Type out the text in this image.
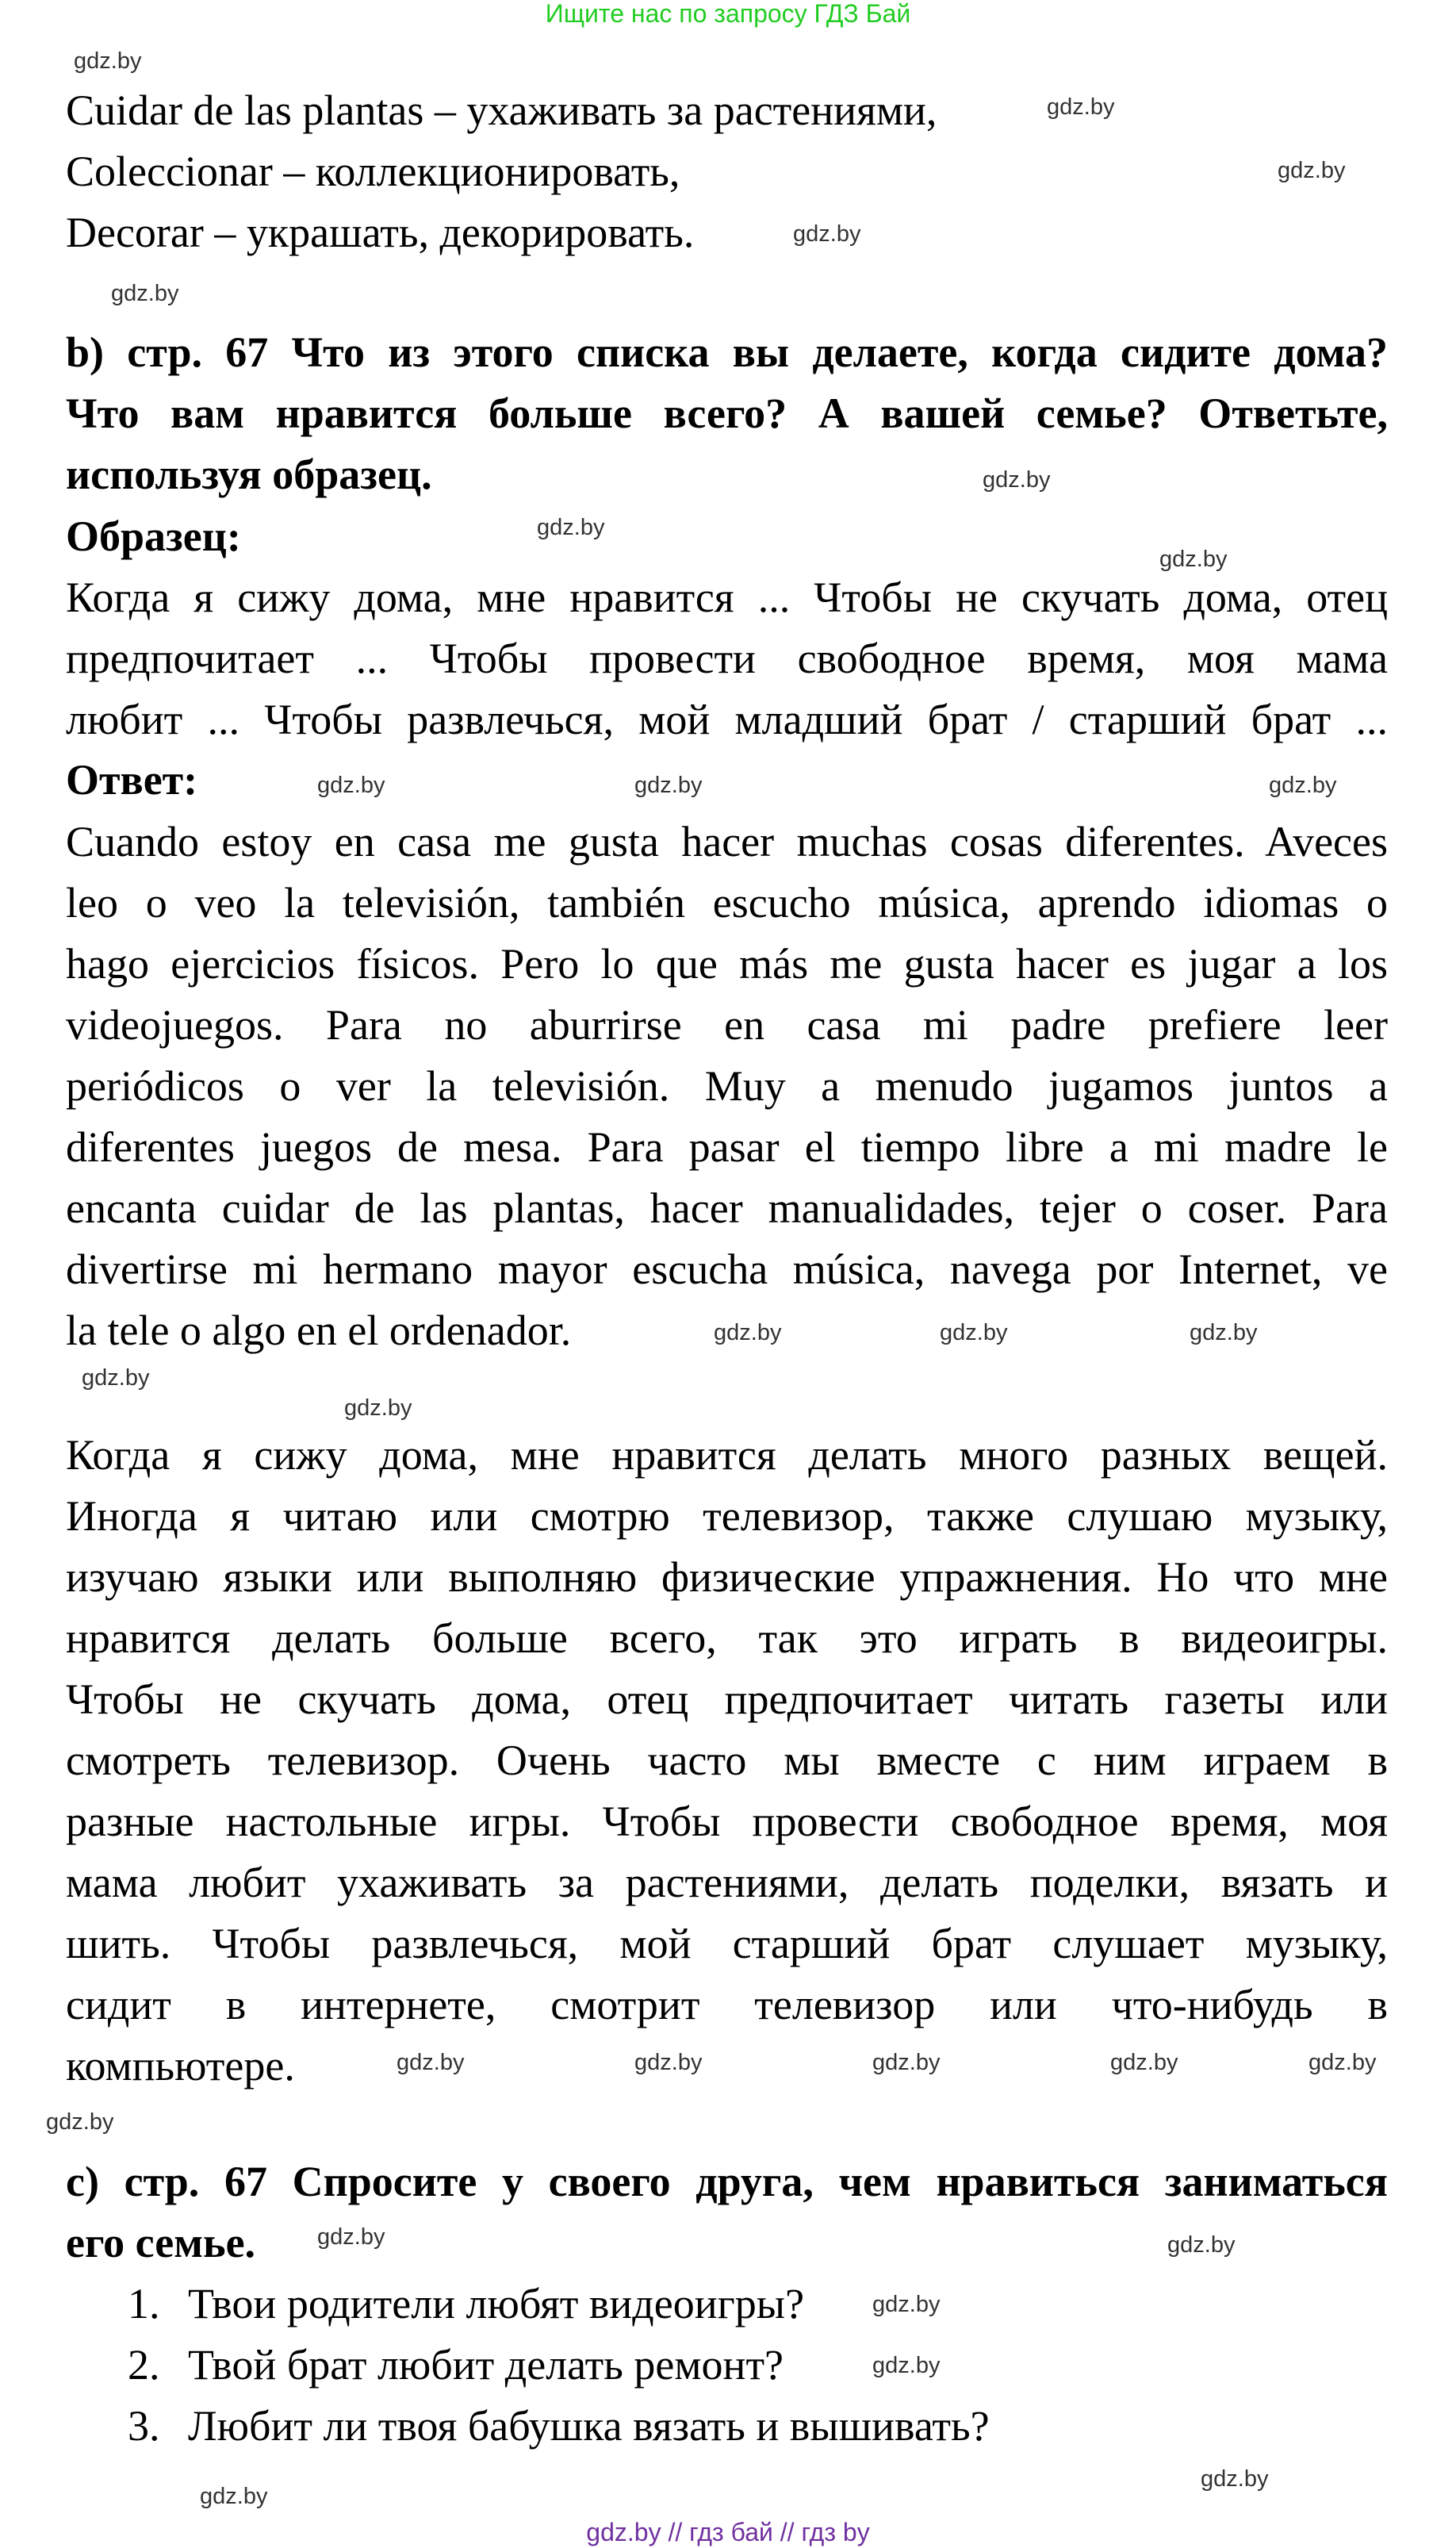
Ищите нас по запросу ГДЗ Бай
Cuidar de las plantas – ухаживать за растениями,
Coleccionar – коллекционировать,
Decorar – украшать, декорировать.
b) стр. 67 Что из этого списка вы делаете, когда сидите дома?
Что вам нравится больше всего? А вашей семье? Ответьте,
используя образец.
Образец:
Когда я сижу дома, мне нравится ... Чтобы не скучать дома, отец
предпочитает ... Чтобы провести свободное время, моя мама
любит ... Чтобы развлечься, мой младший брат / старший брат ...
Ответ:
Cuando estoy en casa me gusta hacer muchas cosas diferentes. Aveces
leo o veo la televisión, también escucho música, aprendo idiomas o
hago ejercicios físicos. Pero lo que más me gusta hacer es jugar a los
videojuegos. Para no aburrirse en casa mi padre prefiere leer
periódicos o ver la televisión. Muy a menudo jugamos juntos a
diferentes juegos de mesa. Para pasar el tiempo libre a mi madre le
encanta cuidar de las plantas, hacer manualidades, tejer o coser. Para
divertirse mi hermano mayor escucha música, navega por Internet, ve
la tele o algo en el ordenador.
Когда я сижу дома, мне нравится делать много разных вещей.
Иногда я читаю или смотрю телевизор, также слушаю музыку,
изучаю языки или выполняю физические упражнения. Но что мне
нравится делать больше всего, так это играть в видеоигры.
Чтобы не скучать дома, отец предпочитает читать газеты или
смотреть телевизор. Очень часто мы вместе с ним играем в
разные настольные игры. Чтобы провести свободное время, моя
мама любит ухаживать за растениями, делать поделки, вязать и
шить. Чтобы развлечься, мой старший брат слушает музыку,
сидит в интернете, смотрит телевизор или что-нибудь в
компьютере.
c) стр. 67 Спросите у своего друга, чем нравиться заниматься
его семье.
1. Твои родители любят видеоигры?
2. Твой брат любит делать ремонт?
3. Любит ли твоя бабушка вязать и вышивать?
gdz.by // гдз бай // гдз by
gdz.by
gdz.by
gdz.by
gdz.by
gdz.by
gdz.by
gdz.by
gdz.by
gdz.by	gdz.by	gdz.by
gdz.by	gdz.by
gdz.by
gdz.by
gdz.by
gdz.by	gdz.by	gdz.by	gdz.by	gdz.by
gdz.by
gdz.by	gdz.by
gdz.by
gdz.by
gdz.by
gdz.by
